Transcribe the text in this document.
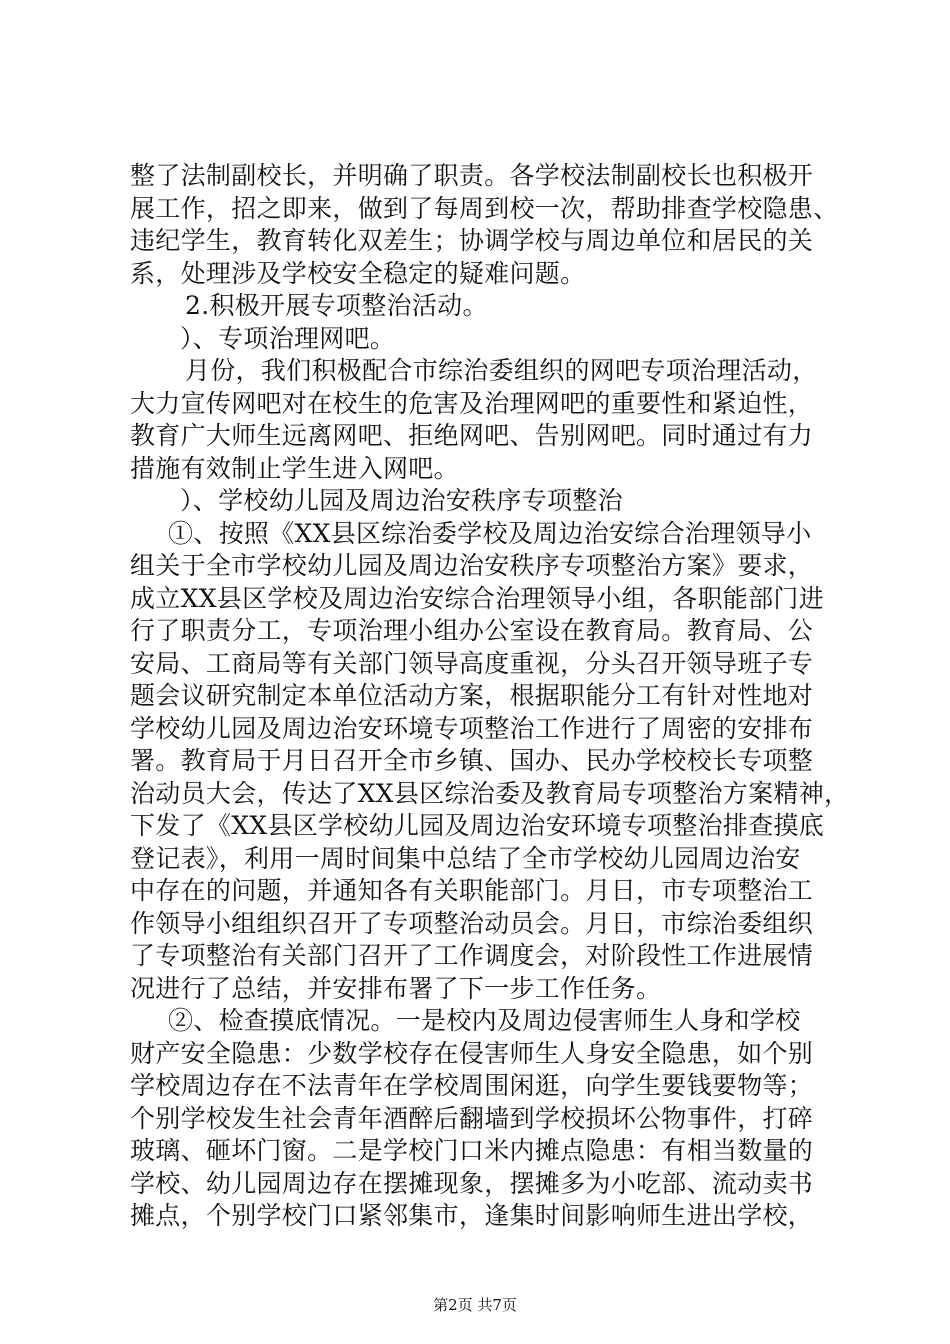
整了法制副校长，并明确了职责。各学校法制副校长也积极开
展工作，招之即来，做到了每周到校一次，帮助排查学校隐患、
违纪学生，教育转化双差生；协调学校与周边单位和居民的关
系，处理涉及学校安全稳定的疑难问题。
2.积极开展专项整治活动。
）、专项治理网吧。
月份，我们积极配合市综治委组织的网吧专项治理活动，
大力宣传网吧对在校生的危害及治理网吧的重要性和紧迫性，
教育广大师生远离网吧、拒绝网吧、告别网吧。同时通过有力
措施有效制止学生进入网吧。
）、学校幼儿园及周边治安秩序专项整治
①、按照《XX县区综治委学校及周边治安综合治理领导小
组关于全市学校幼儿园及周边治安秩序专项整治方案》要求，
成立XX县区学校及周边治安综合治理领导小组，各职能部门进
行了职责分工，专项治理小组办公室设在教育局。教育局、公
安局、工商局等有关部门领导高度重视，分头召开领导班子专
题会议研究制定本单位活动方案，根据职能分工有针对性地对
学校幼儿园及周边治安环境专项整治工作进行了周密的安排布
署。教育局于月日召开全市乡镇、国办、民办学校校长专项整
治动员大会，传达了XX县区综治委及教育局专项整治方案精神，
下发了《XX县区学校幼儿园及周边治安环境专项整治排查摸底
登记表》，利用一周时间集中总结了全市学校幼儿园周边治安
中存在的问题，并通知各有关职能部门。月日，市专项整治工
作领导小组组织召开了专项整治动员会。月日，市综治委组织
了专项整治有关部门召开了工作调度会，对阶段性工作进展情
况进行了总结，并安排布署了下一步工作任务。
②、检查摸底情况。一是校内及周边侵害师生人身和学校
财产安全隐患：少数学校存在侵害师生人身安全隐患，如个别
学校周边存在不法青年在学校周围闲逛，向学生要钱要物等；
个别学校发生社会青年酒醉后翻墙到学校损坏公物事件，打碎
玻璃、砸坏门窗。二是学校门口米内摊点隐患：有相当数量的
学校、幼儿园周边存在摆摊现象，摆摊多为小吃部、流动卖书
摊点，个别学校门口紧邻集市，逢集时间影响师生进出学校，
第2页 共7页
